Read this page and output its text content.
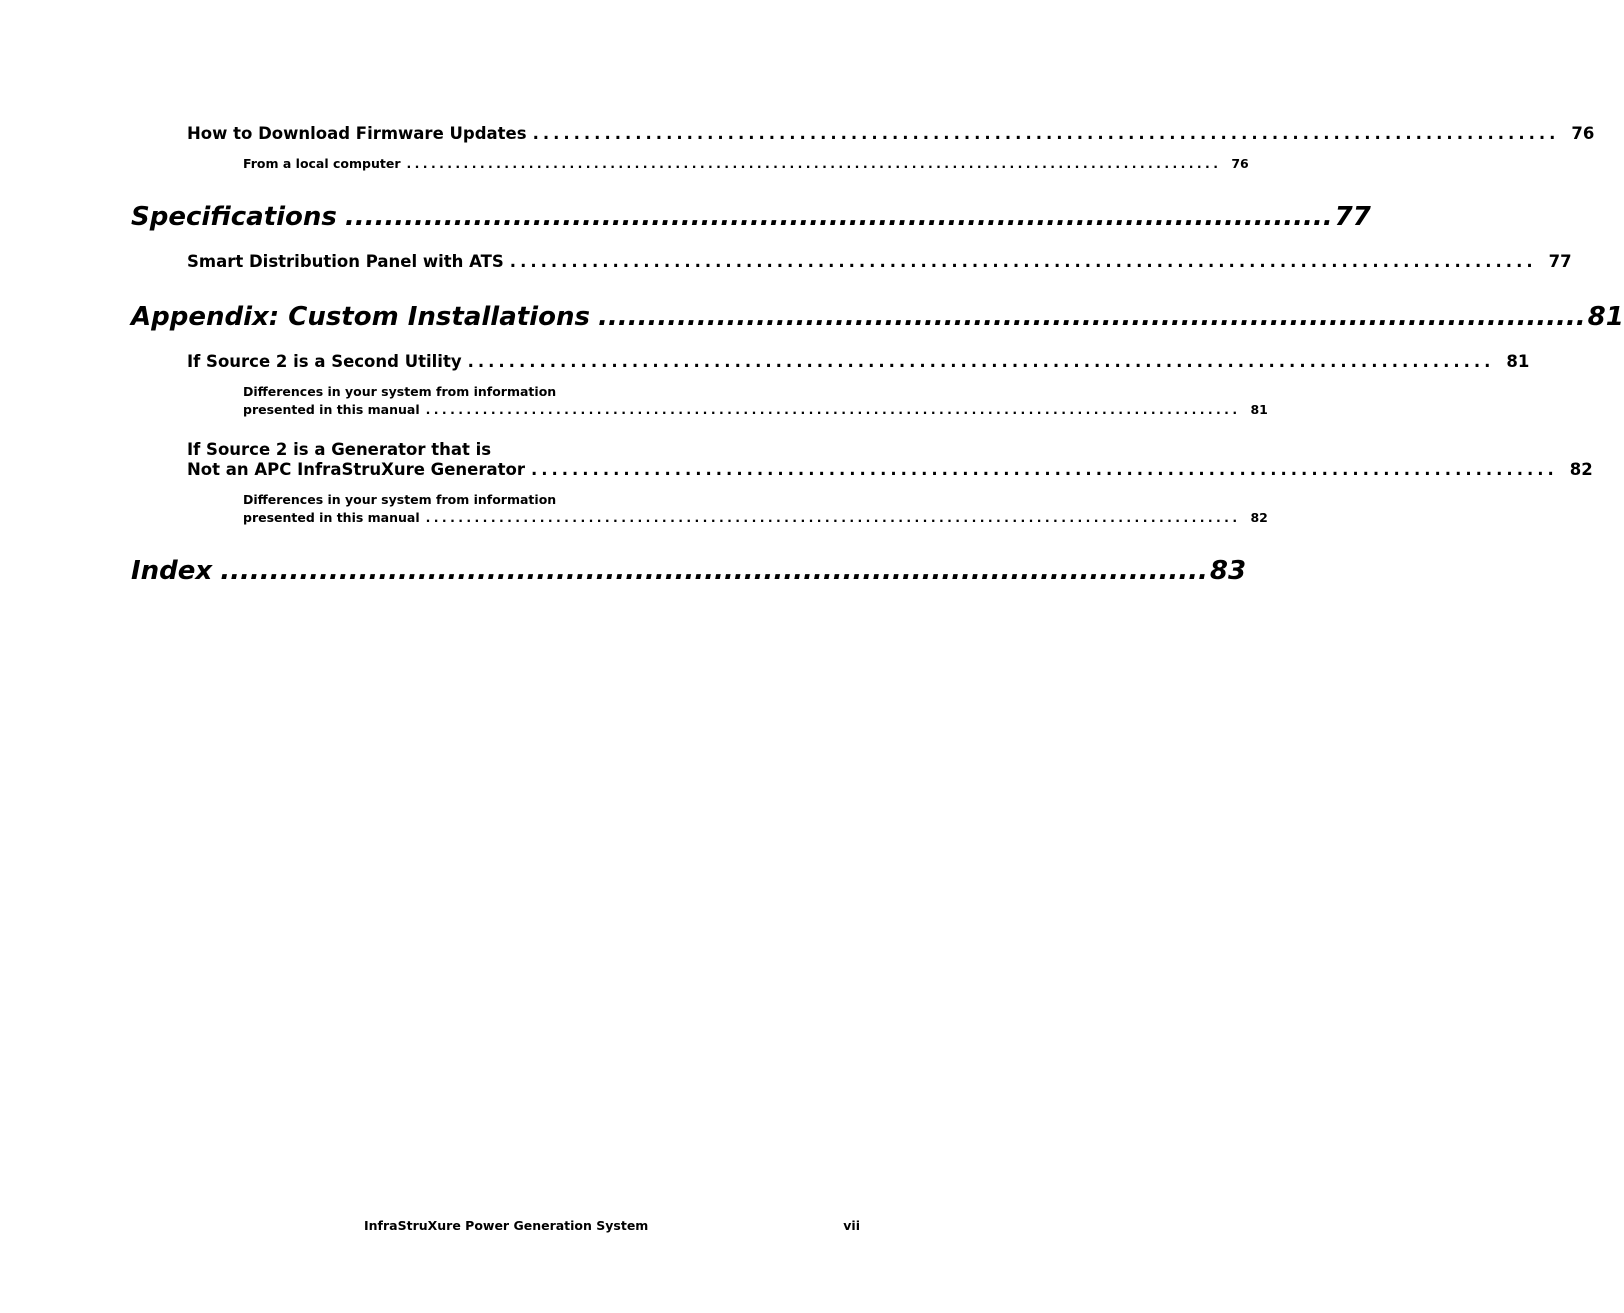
How to Download Firmware Updates .................................................................................................... 76
From a local computer .................................................................................................... 76
Specifications .................................................................................................... 77
Smart Distribution Panel with ATS .................................................................................................... 77
Appendix: Custom Installations .................................................................................................... 81
If Source 2 is a Second Utility .................................................................................................... 81
Differences in your system from information
presented in this manual .................................................................................................... 81
If Source 2 is a Generator that is
Not an APC InfraStruXure Generator .................................................................................................... 82
Differences in your system from information
presented in this manual .................................................................................................... 82
Index .................................................................................................... 83
InfraStruXure Power Generation System	vii
